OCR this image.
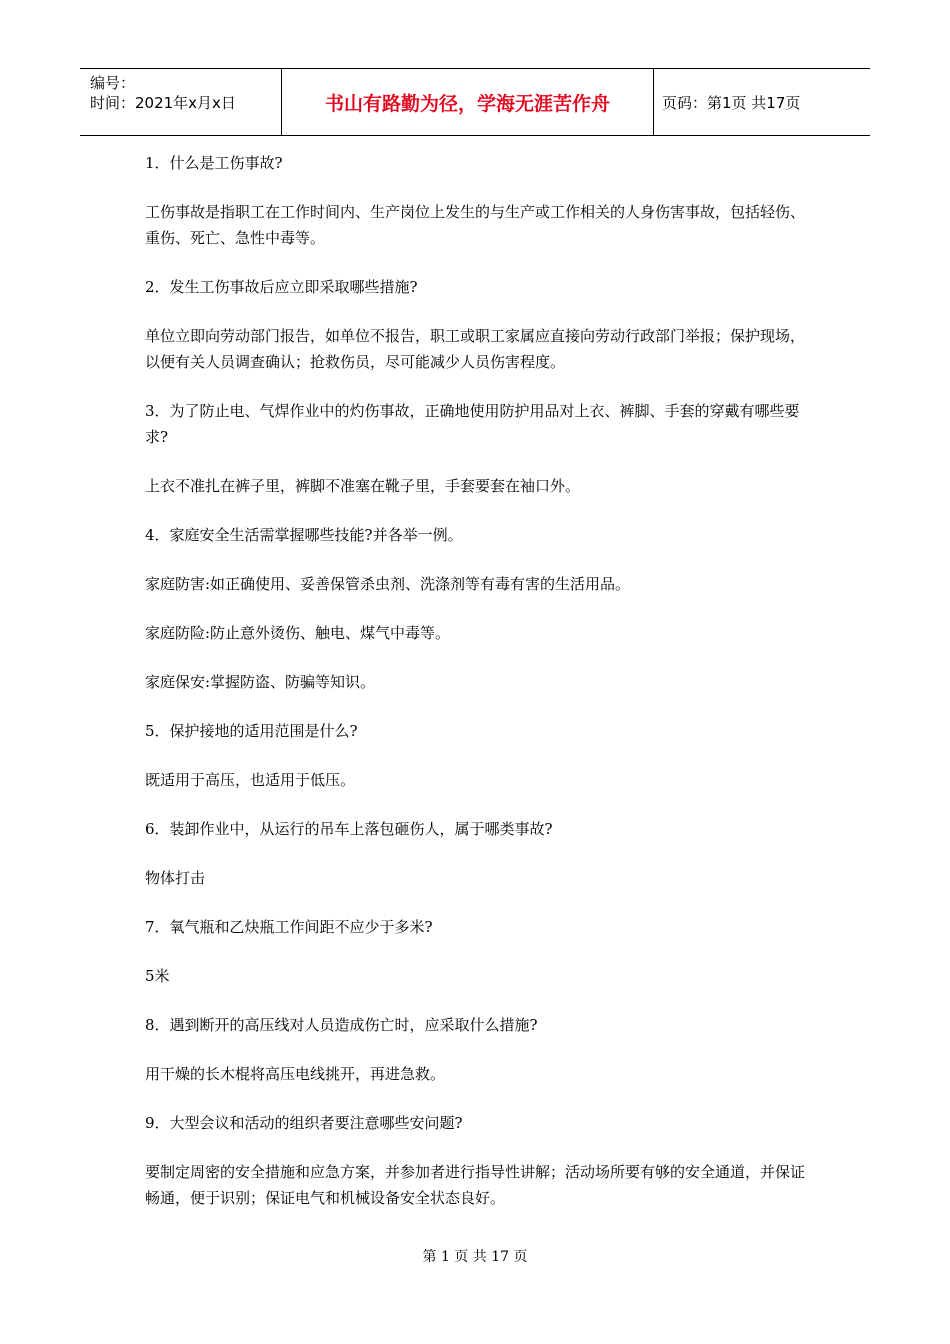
编号：
时间：2021年x月x日	书山有路勤为径，学海无涯苦作舟	页码：第1页 共17页

1．什么是工伤事故?

工伤事故是指职工在工作时间内、生产岗位上发生的与生产或工作相关的人身伤害事故，包括轻伤、重伤、死亡、急性中毒等。

2．发生工伤事故后应立即采取哪些措施?

单位立即向劳动部门报告，如单位不报告，职工或职工家属应直接向劳动行政部门举报；保护现场，以便有关人员调查确认；抢救伤员，尽可能减少人员伤害程度。

3．为了防止电、气焊作业中的灼伤事故，正确地使用防护用品对上衣、裤脚、手套的穿戴有哪些要求?

上衣不准扎在裤子里，裤脚不准塞在靴子里，手套要套在袖口外。

4．家庭安全生活需掌握哪些技能?并各举一例。

家庭防害:如正确使用、妥善保管杀虫剂、洗涤剂等有毒有害的生活用品。

家庭防险:防止意外烫伤、触电、煤气中毒等。

家庭保安:掌握防盗、防骗等知识。

5．保护接地的适用范围是什么?

既适用于高压，也适用于低压。

6．装卸作业中，从运行的吊车上落包砸伤人，属于哪类事故?

物体打击

7．氧气瓶和乙炔瓶工作间距不应少于多米?

5米

8．遇到断开的高压线对人员造成伤亡时，应采取什么措施?

用干燥的长木棍将高压电线挑开，再进急救。

9．大型会议和活动的组织者要注意哪些安问题?

要制定周密的安全措施和应急方案，并参加者进行指导性讲解；活动场所要有够的安全通道，并保证畅通，便于识别；保证电气和机械设备安全状态良好。

第 1 页 共 17 页
